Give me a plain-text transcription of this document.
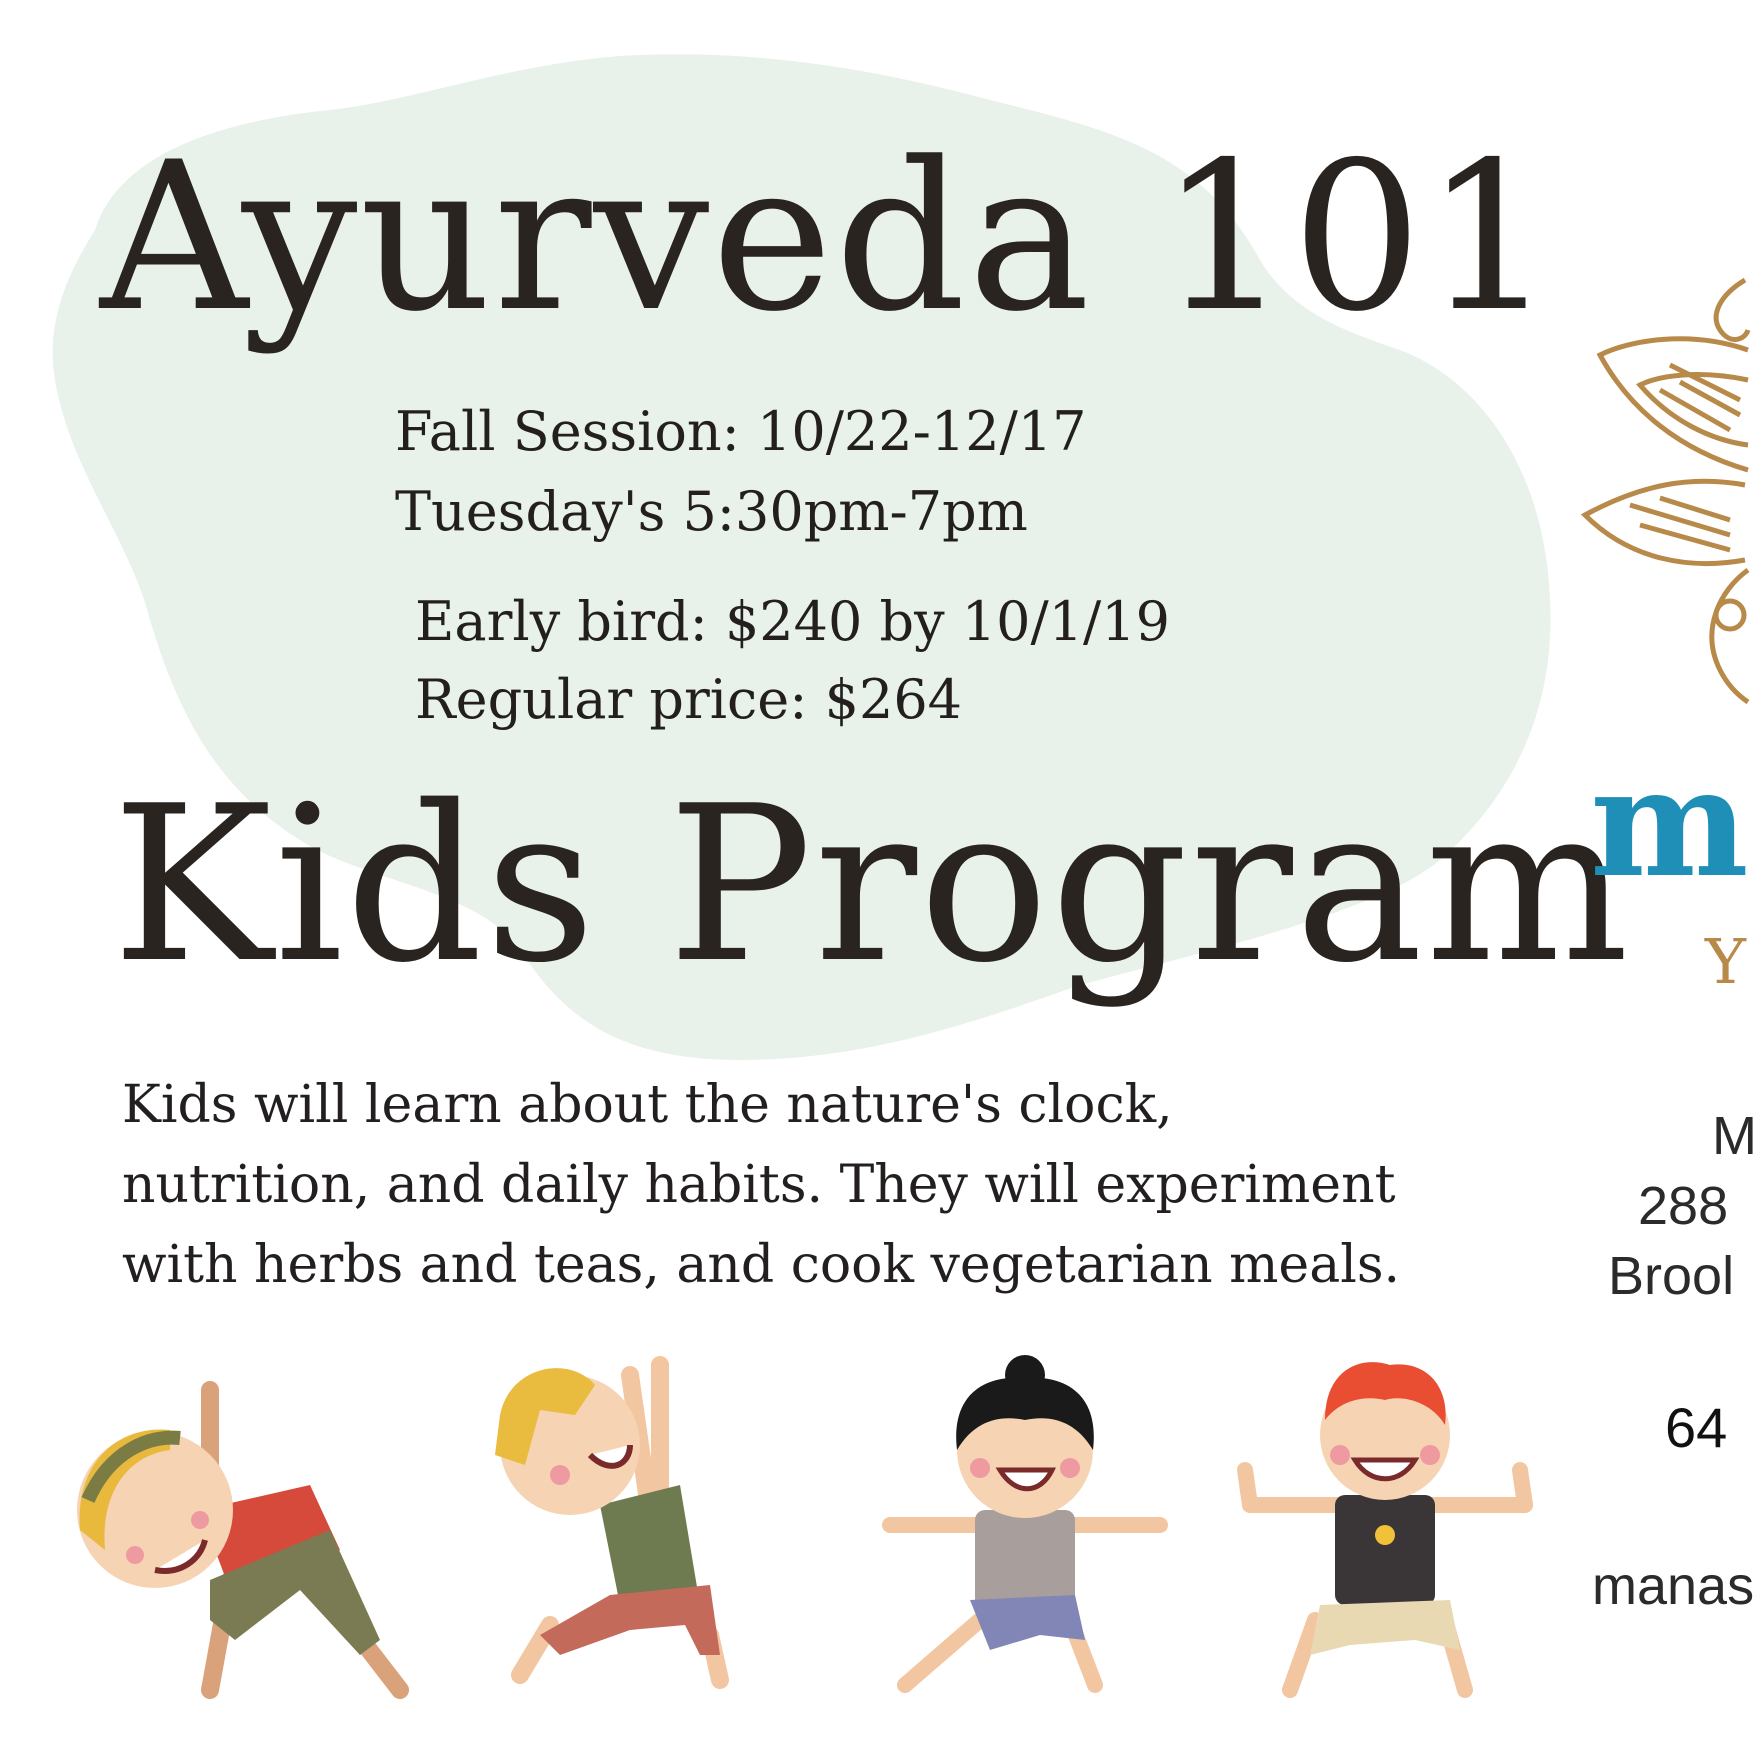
Ayurveda 101
Fall Session: 10/22-12/17
Tuesday's 5:30pm-7pm
Early bird: $240 by 10/1/19
Regular price: $264
Kids Program
Kids will learn about the nature's clock,
nutrition, and daily habits. They will experiment
with herbs and teas, and cook vegetarian meals.
m
Y
M
288
Brool
64
manas
